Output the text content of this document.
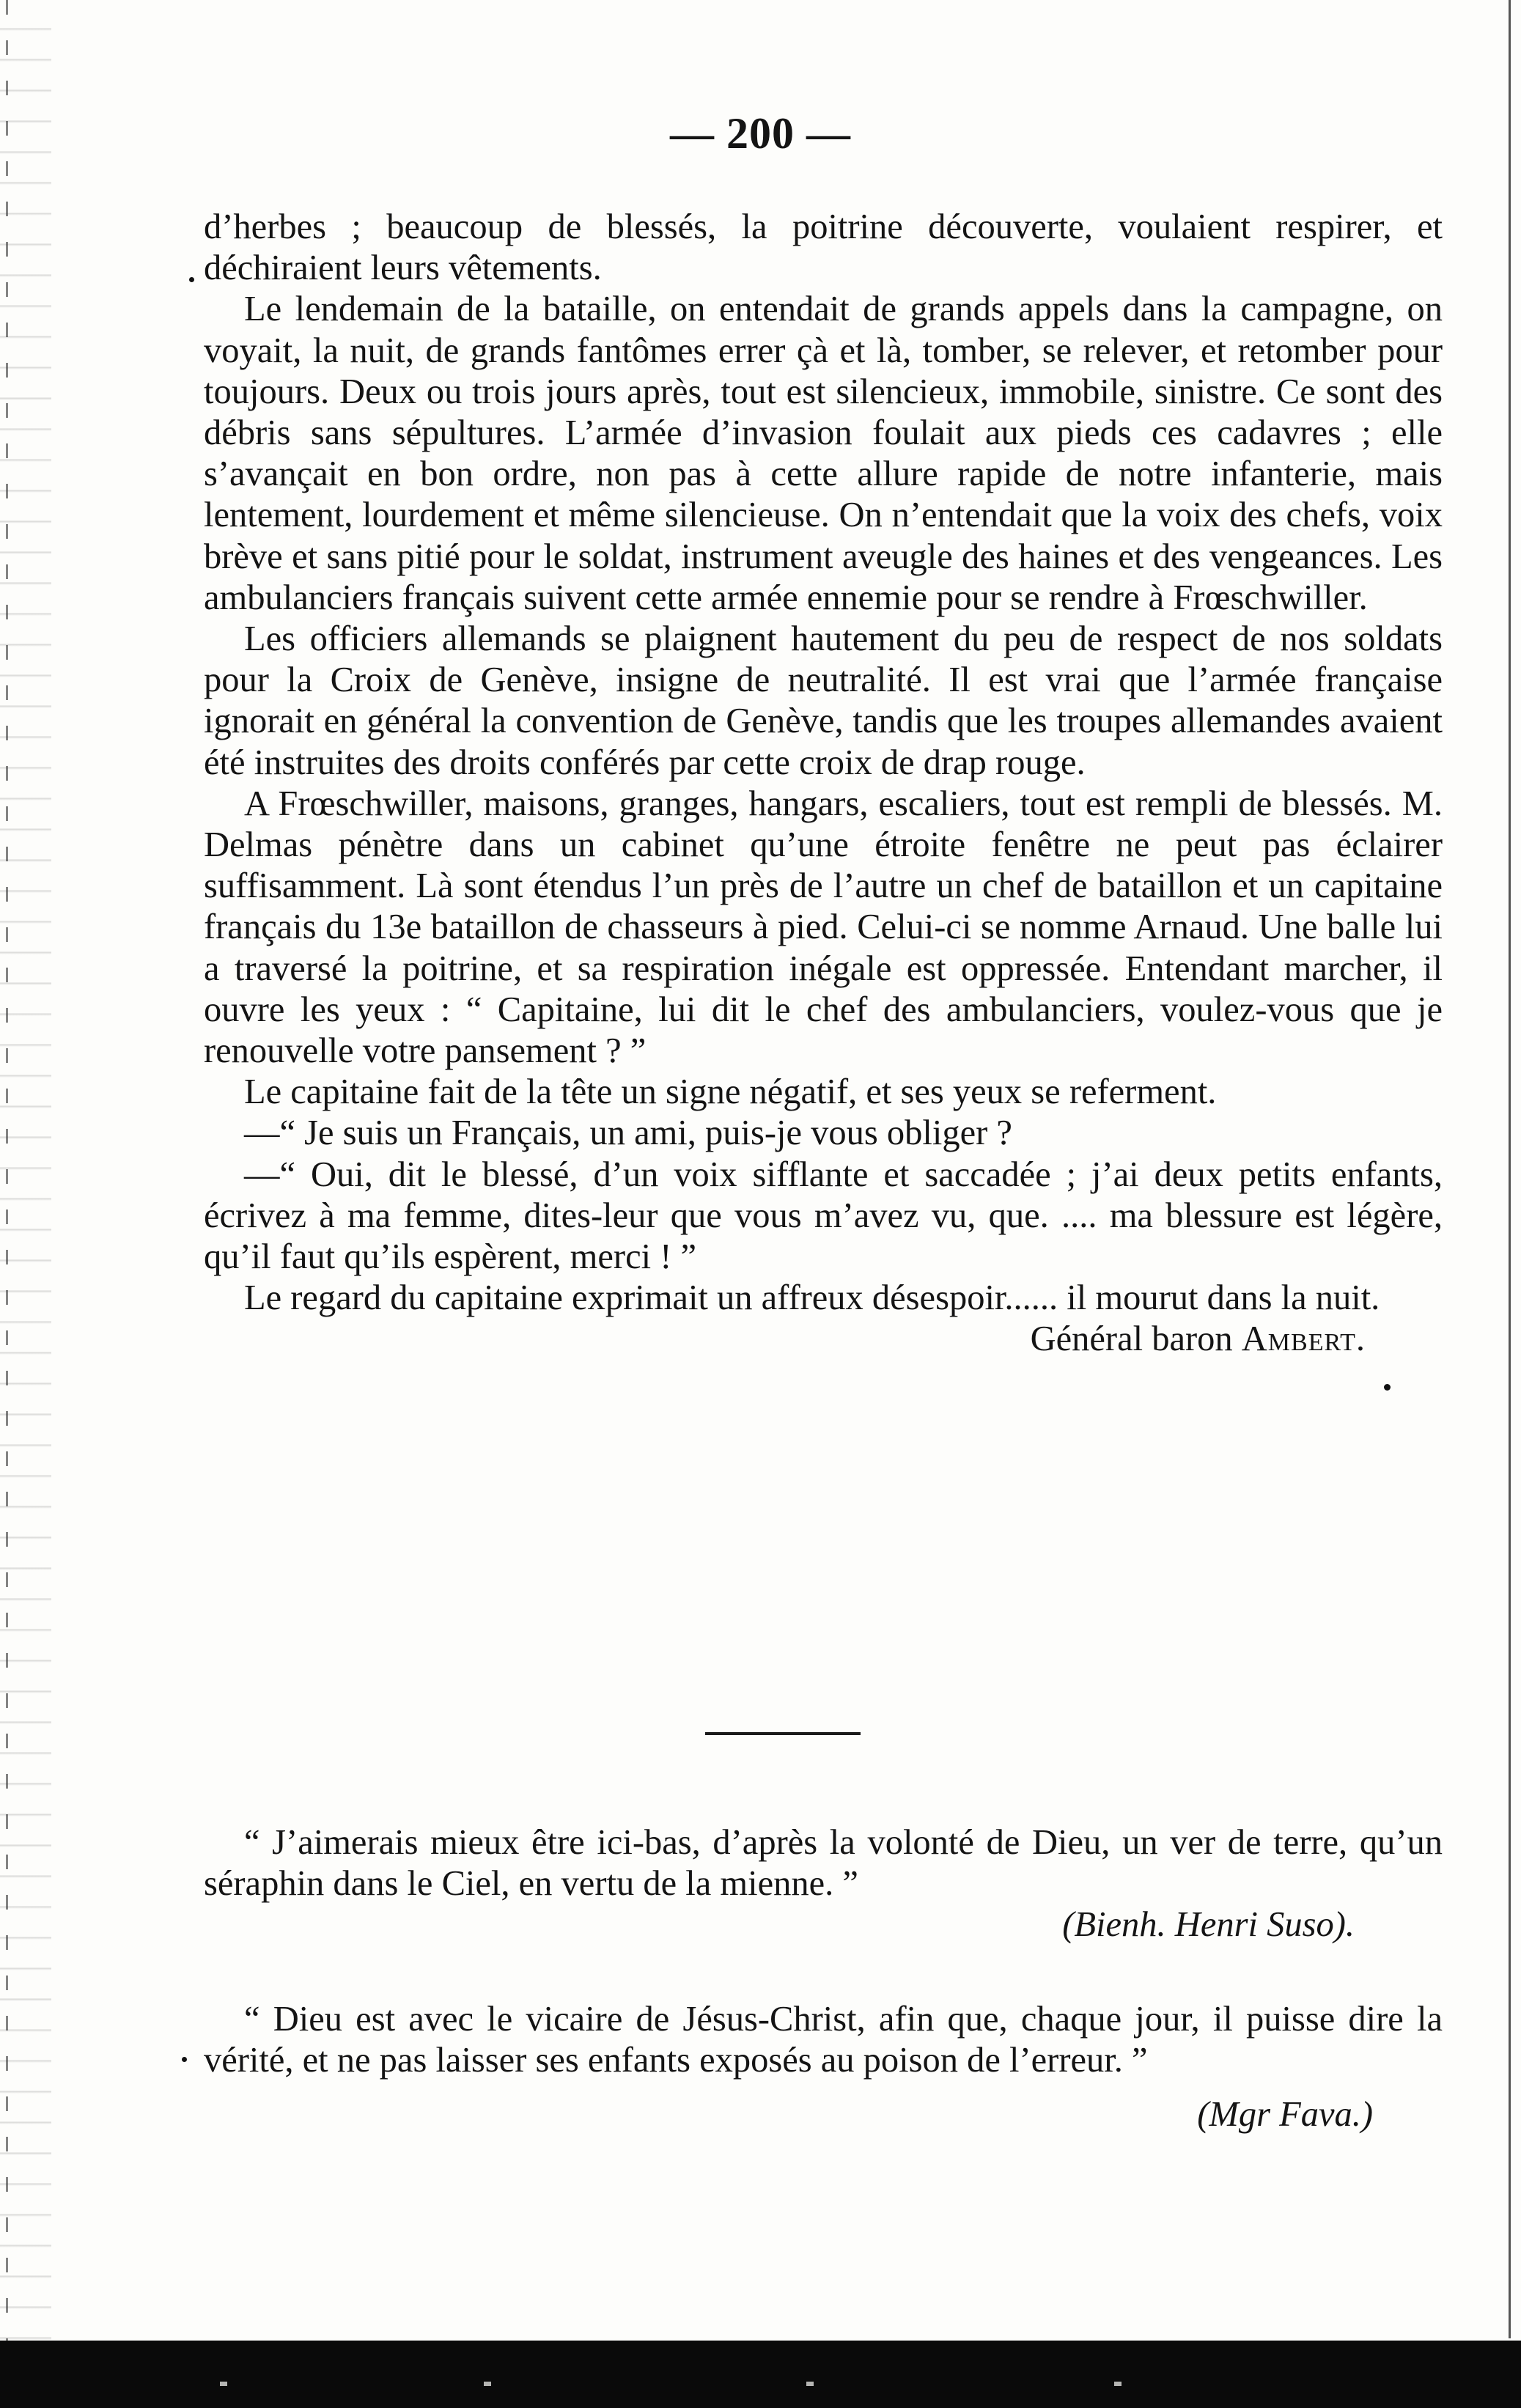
— 200 —

d’herbes ; beaucoup de blessés, la poitrine découverte, voulaient respirer, et déchiraient leurs vêtements.

Le lendemain de la bataille, on entendait de grands appels dans la campagne, on voyait, la nuit, de grands fantômes errer çà et là, tomber, se relever, et retomber pour toujours. Deux ou trois jours après, tout est silencieux, immobile, sinistre. Ce sont des débris sans sépultures. L’armée d’invasion foulait aux pieds ces cadavres ; elle s’avançait en bon ordre, non pas à cette allure rapide de notre infanterie, mais lentement, lourdement et même silencieuse. On n’entendait que la voix des chefs, voix brève et sans pitié pour le soldat, instrument aveugle des haines et des vengeances. Les ambulanciers français suivent cette armée ennemie pour se rendre à Frœschwiller.

Les officiers allemands se plaignent hautement du peu de respect de nos soldats pour la Croix de Genève, insigne de neutralité. Il est vrai que l’armée française ignorait en général la convention de Genève, tandis que les troupes allemandes avaient été instruites des droits conférés par cette croix de drap rouge.

A Frœschwiller, maisons, granges, hangars, escaliers, tout est rempli de blessés. M. Delmas pénètre dans un cabinet qu’une étroite fenêtre ne peut pas éclairer suffisamment. Là sont étendus l’un près de l’autre un chef de bataillon et un capitaine français du 13e bataillon de chasseurs à pied. Celui-ci se nomme Arnaud. Une balle lui a traversé la poitrine, et sa respiration inégale est oppressée. Entendant marcher, il ouvre les yeux : “ Capitaine, lui dit le chef des ambulanciers, voulez-vous que je renouvelle votre pansement ? ”

Le capitaine fait de la tête un signe négatif, et ses yeux se referment.

—“ Je suis un Français, un ami, puis-je vous obliger ?

—“ Oui, dit le blessé, d’un voix sifflante et saccadée ; j’ai deux petits enfants, écrivez à ma femme, dites-leur que vous m’avez vu, que. .... ma blessure est légère, qu’il faut qu’ils espèrent, merci ! ”

Le regard du capitaine exprimait un affreux désespoir...... il mourut dans la nuit.

Général baron Ambert.

“ J’aimerais mieux être ici-bas, d’après la volonté de Dieu, un ver de terre, qu’un séraphin dans le Ciel, en vertu de la mienne. ”

(Bienh. Henri Suso).

“ Dieu est avec le vicaire de Jésus-Christ, afin que, chaque jour, il puisse dire la vérité, et ne pas laisser ses enfants exposés au poison de l’erreur. ”

(Mgr Fava.)
